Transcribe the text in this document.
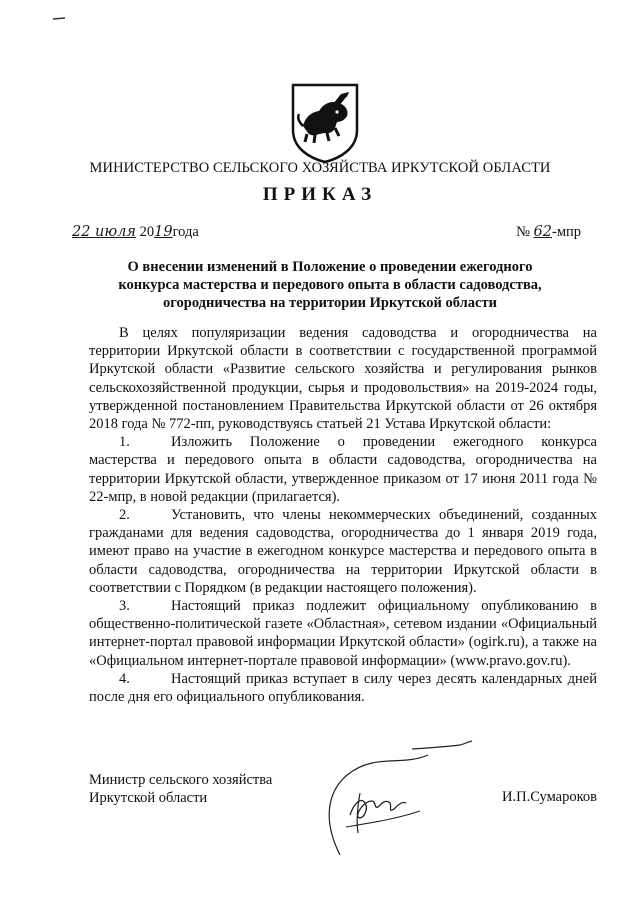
МИНИСТЕРСТВО СЕЛЬСКОГО ХОЗЯЙСТВА ИРКУТСКОЙ ОБЛАСТИ
ПРИКАЗ
22 июля 2019года	№ 62-мпр
О внесении изменений в Положение о проведении ежегодного конкурса мастерства и передового опыта в области садоводства, огородничества на территории Иркутской области

В целях популяризации ведения садоводства и огородничества на территории Иркутской области в соответствии с государственной программой Иркутской области «Развитие сельского хозяйства и регулирования рынков сельскохозяйственной продукции, сырья и продовольствия» на 2019-2024 годы, утвержденной постановлением Правительства Иркутской области от 26 октября 2018 года № 772-пп, руководствуясь статьей 21 Устава Иркутской области:

1.	Изложить Положение о проведении ежегодного конкурса мастерства и передового опыта в области садоводства, огородничества на территории Иркутской области, утвержденное приказом от 17 июня 2011 года № 22-мпр, в новой редакции (прилагается).

2.	Установить, что члены некоммерческих объединений, созданных гражданами для ведения садоводства, огородничества до 1 января 2019 года, имеют право на участие в ежегодном конкурсе мастерства и передового опыта в области садоводства, огородничества на территории Иркутской области в соответствии с Порядком (в редакции настоящего положения).

3.	Настоящий приказ подлежит официальному опубликованию в общественно-политической газете «Областная», сетевом издании «Официальный интернет-портал правовой информации Иркутской области» (ogirk.ru), а также на «Официальном интернет-портале правовой информации» (www.pravo.gov.ru).

4.	Настоящий приказ вступает в силу через десять календарных дней после дня его официального опубликования.

Министр сельского хозяйства
Иркутской области	И.П.Сумароков
